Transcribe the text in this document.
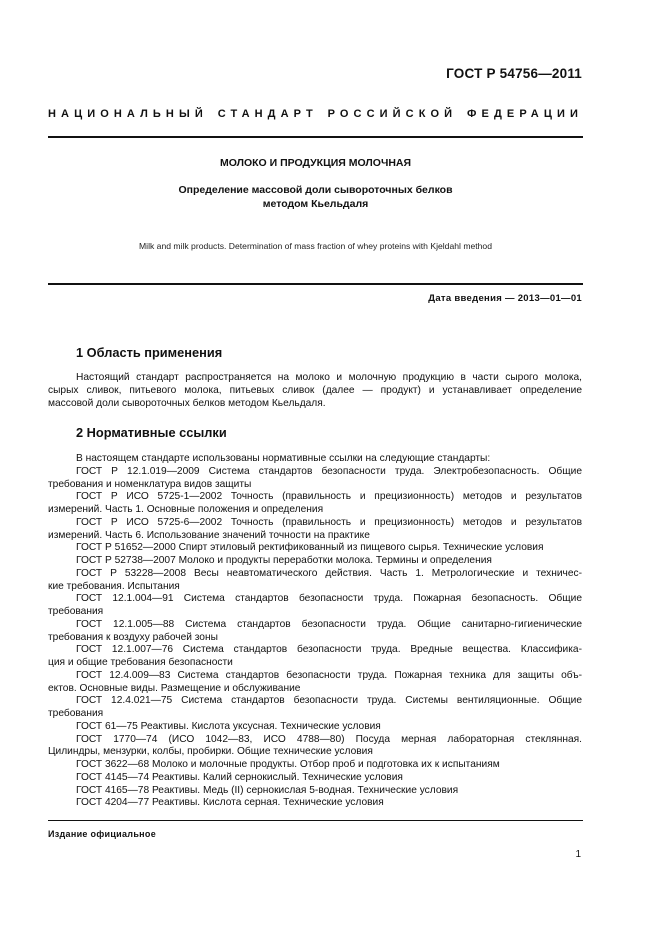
ГОСТ Р 54756—2011
НАЦИОНАЛЬНЫЙ СТАНДАРТ РОССИЙСКОЙ ФЕДЕРАЦИИ
МОЛОКО И ПРОДУКЦИЯ МОЛОЧНАЯ
Определение массовой доли сывороточных белков
методом Кьельдаля
Milk and milk products. Determination of mass fraction of whey proteins with Kjeldahl method
Дата введения — 2013—01—01
1 Область применения
Настоящий стандарт распространяется на молоко и молочную продукцию в части сырого молока,
сырых сливок, питьевого молока, питьевых сливок (далее — продукт) и устанавливает определение
массовой доли сывороточных белков методом Кьельдаля.
2 Нормативные ссылки
В настоящем стандарте использованы нормативные ссылки на следующие стандарты:
ГОСТ Р 12.1.019—2009 Система стандартов безопасности труда. Электробезопасность. Общие
требования и номенклатура видов защиты
ГОСТ Р ИСО 5725-1—2002 Точность (правильность и прецизионность) методов и результатов
измерений. Часть 1. Основные положения и определения
ГОСТ Р ИСО 5725-6—2002 Точность (правильность и прецизионность) методов и результатов
измерений. Часть 6. Использование значений точности на практике
ГОСТ Р 51652—2000 Спирт этиловый ректификованный из пищевого сырья. Технические условия
ГОСТ Р 52738—2007 Молоко и продукты переработки молока. Термины и определения
ГОСТ Р 53228—2008 Весы неавтоматического действия. Часть 1. Метрологические и техничес-
кие требования. Испытания
ГОСТ 12.1.004—91 Система стандартов безопасности труда. Пожарная безопасность. Общие
требования
ГОСТ 12.1.005—88 Система стандартов безопасности труда. Общие санитарно-гигиенические
требования к воздуху рабочей зоны
ГОСТ 12.1.007—76 Система стандартов безопасности труда. Вредные вещества. Классифика-
ция и общие требования безопасности
ГОСТ 12.4.009—83 Система стандартов безопасности труда. Пожарная техника для защиты объ-
ектов. Основные виды. Размещение и обслуживание
ГОСТ 12.4.021—75 Система стандартов безопасности труда. Системы вентиляционные. Общие
требования
ГОСТ 61—75 Реактивы. Кислота уксусная. Технические условия
ГОСТ 1770—74 (ИСО 1042—83, ИСО 4788—80) Посуда мерная лабораторная стеклянная.
Цилиндры, мензурки, колбы, пробирки. Общие технические условия
ГОСТ 3622—68 Молоко и молочные продукты. Отбор проб и подготовка их к испытаниям
ГОСТ 4145—74 Реактивы. Калий сернокислый. Технические условия
ГОСТ 4165—78 Реактивы. Медь (II) сернокислая 5-водная. Технические условия
ГОСТ 4204—77 Реактивы. Кислота серная. Технические условия
Издание официальное
1
